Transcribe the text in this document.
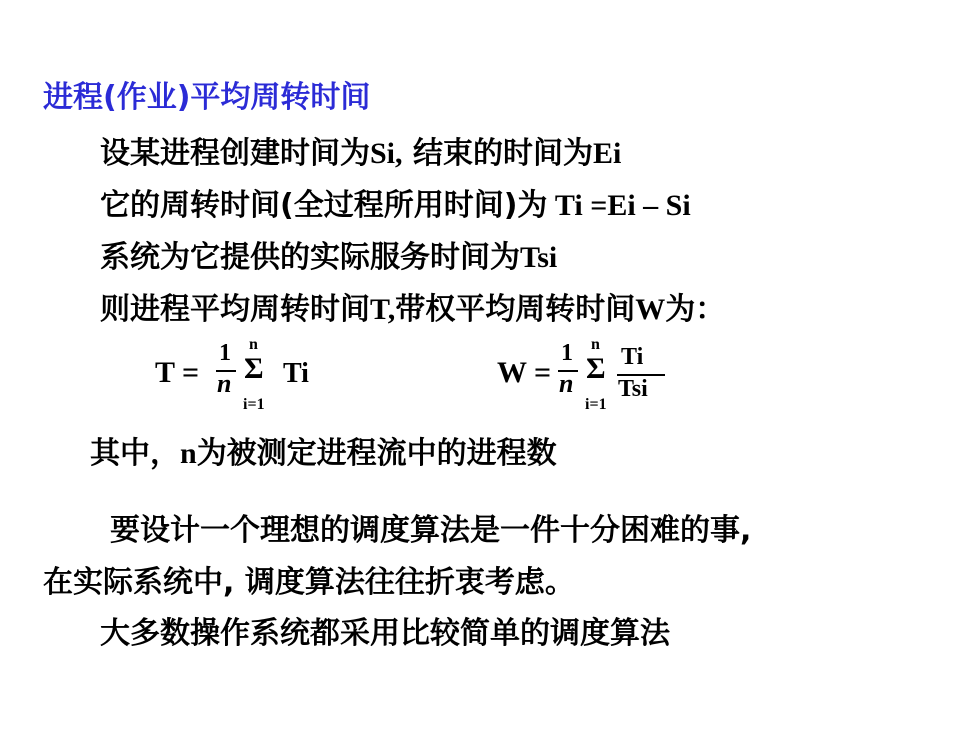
进程(作业)平均周转时间
设某进程创建时间为Si, 结束的时间为Ei
它的周转时间(全过程所用时间)为 Ti =Ei – Si
系统为它提供的实际服务时间为Tsi
则进程平均周转时间T,带权平均周转时间W为：
T =
1
n
n
Σ
i=1
Ti	W =
1
n
n
Σ
i=1
Ti
Tsi
其中，n为被测定进程流中的进程数
要设计一个理想的调度算法是一件十分困难的事,
在实际系统中, 调度算法往往折衷考虑。
大多数操作系统都采用比较简单的调度算法
